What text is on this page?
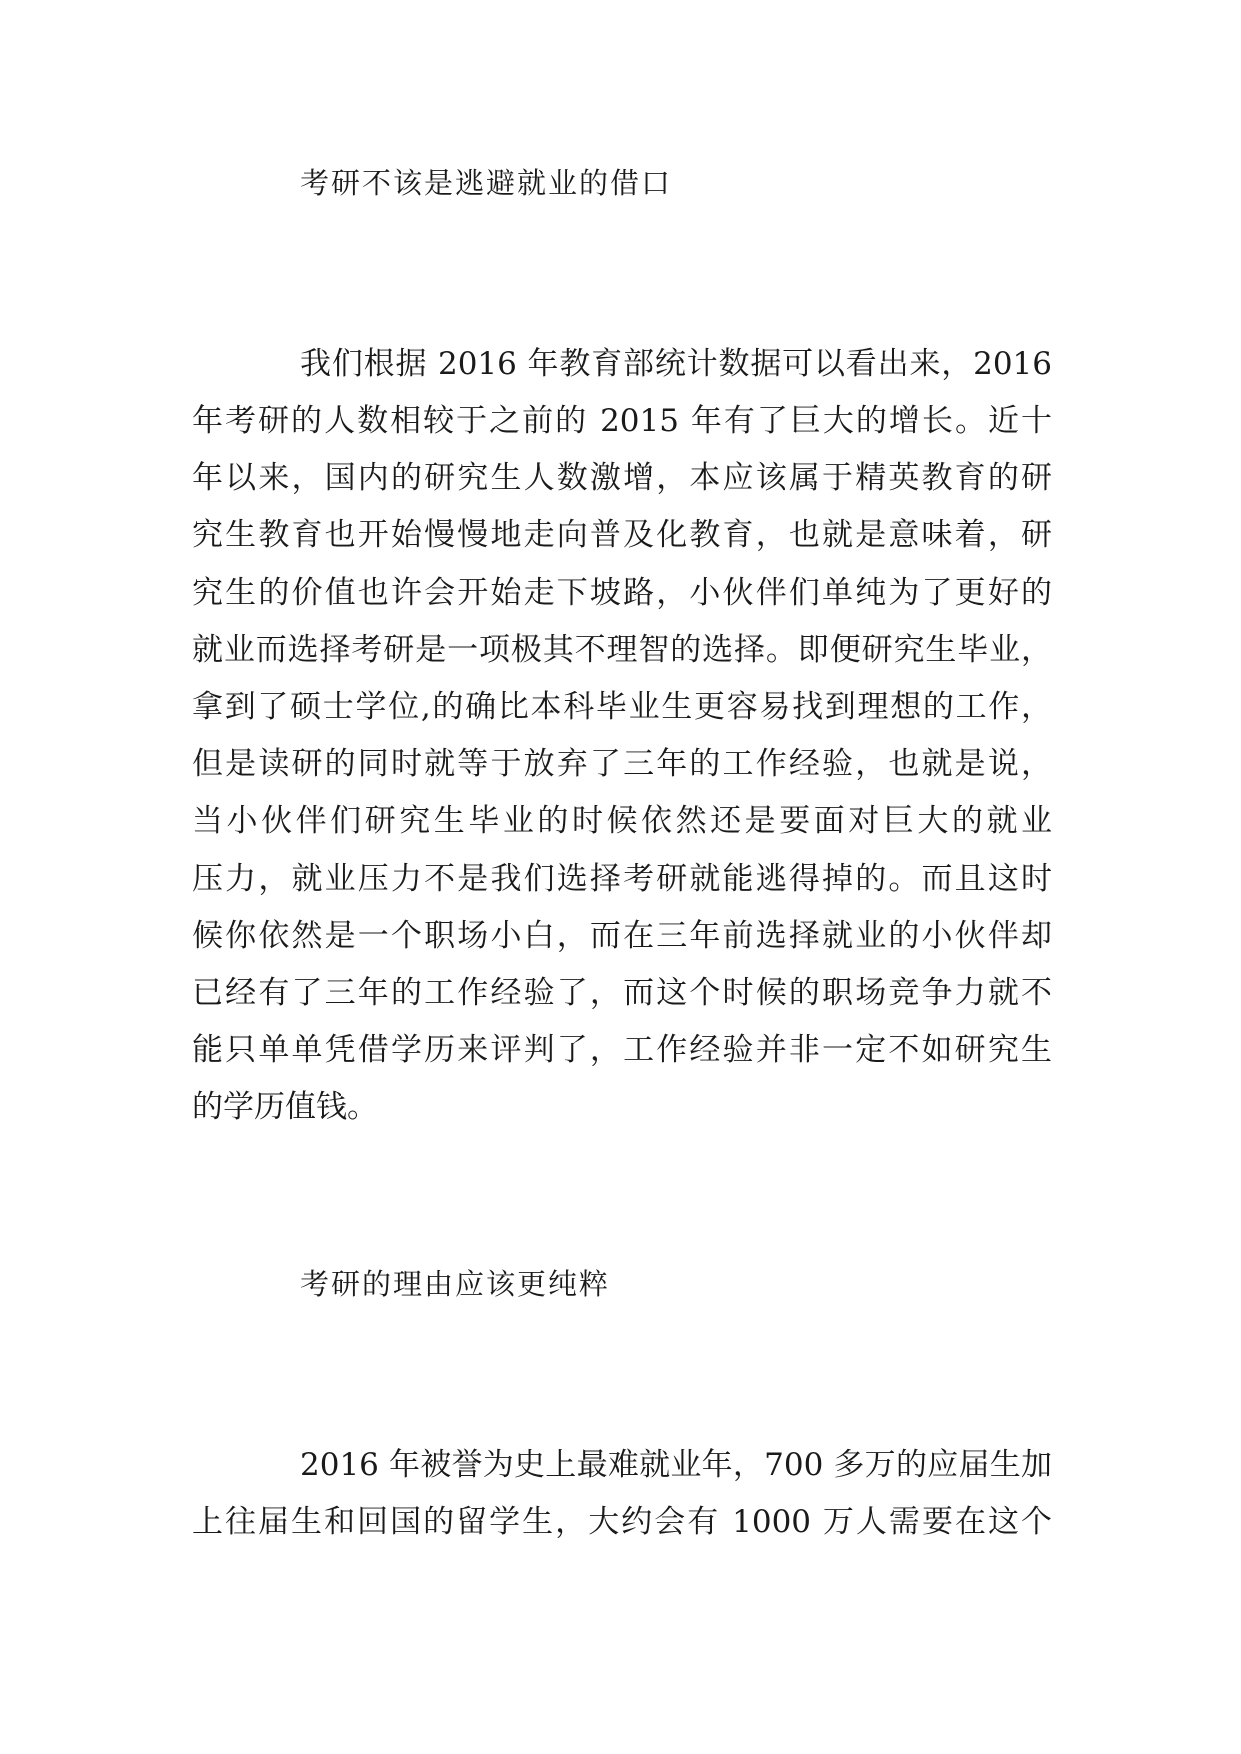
考研不该是逃避就业的借口

我们根据 2016 年教育部统计数据可以看出来，2016

年考研的人数相较于之前的 2015 年有了巨大的增长。近十

年以来，国内的研究生人数激增，本应该属于精英教育的研

究生教育也开始慢慢地走向普及化教育，也就是意味着，研

究生的价值也许会开始走下坡路，小伙伴们单纯为了更好的

就业而选择考研是一项极其不理智的选择。即便研究生毕业，

拿到了硕士学位,的确比本科毕业生更容易找到理想的工作，

但是读研的同时就等于放弃了三年的工作经验，也就是说，

当小伙伴们研究生毕业的时候依然还是要面对巨大的就业

压力，就业压力不是我们选择考研就能逃得掉的。而且这时

候你依然是一个职场小白，而在三年前选择就业的小伙伴却

已经有了三年的工作经验了，而这个时候的职场竞争力就不

能只单单凭借学历来评判了，工作经验并非一定不如研究生

的学历值钱。

考研的理由应该更纯粹

2016 年被誉为史上最难就业年，700 多万的应届生加

上往届生和回国的留学生，大约会有 1000 万人需要在这个
